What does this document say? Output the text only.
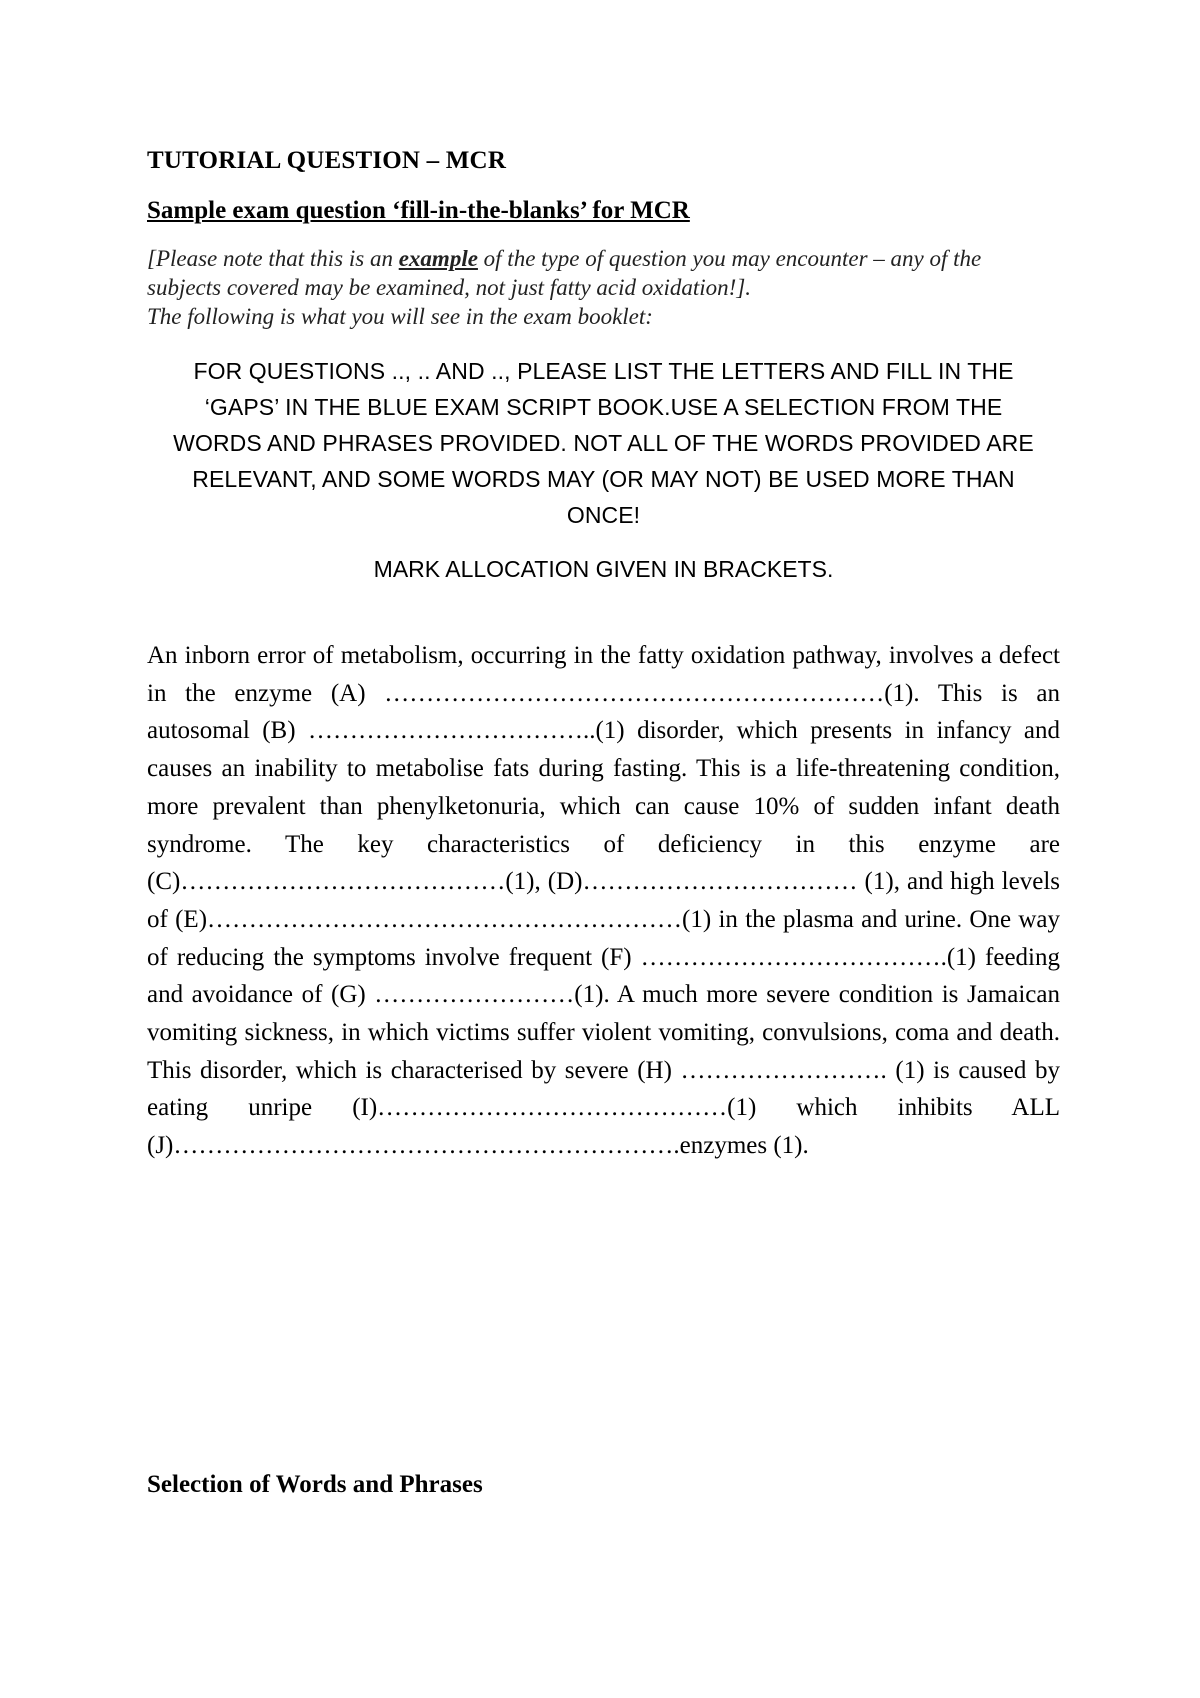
TUTORIAL QUESTION – MCR

Sample exam question ‘fill-in-the-blanks’ for MCR

[Please note that this is an example of the type of question you may encounter – any of the subjects covered may be examined, not just fatty acid oxidation!].
The following is what you will see in the exam booklet:

FOR QUESTIONS .., .. AND .., PLEASE LIST THE LETTERS AND FILL IN THE ‘GAPS’ IN THE BLUE EXAM SCRIPT BOOK.USE A SELECTION FROM THE WORDS AND PHRASES PROVIDED. NOT ALL OF THE WORDS PROVIDED ARE RELEVANT, AND SOME WORDS MAY (OR MAY NOT) BE USED MORE THAN ONCE!

MARK ALLOCATION GIVEN IN BRACKETS.

An inborn error of metabolism, occurring in the fatty oxidation pathway, involves a defect in the enzyme (A) ……………………………………………………(1). This is an autosomal (B) ……………………………..(1) disorder, which presents in infancy and causes an inability to metabolise fats during fasting. This is a life-threatening condition, more prevalent than phenylketonuria, which can cause 10% of sudden infant death syndrome. The key characteristics of deficiency in this enzyme are (C)…………………………………(1), (D)…………………………… (1), and high levels of (E)…………………………………………………(1) in the plasma and urine. One way of reducing the symptoms involve frequent (F) ……………………………….(1) feeding and avoidance of (G) ……………………(1). A much more severe condition is Jamaican vomiting sickness, in which victims suffer violent vomiting, convulsions, coma and death. This disorder, which is characterised by severe (H) ……………………. (1) is caused by eating unripe (I)……………………………………(1) which inhibits ALL (J)…………………………………………………….enzymes (1).

Selection of Words and Phrases
